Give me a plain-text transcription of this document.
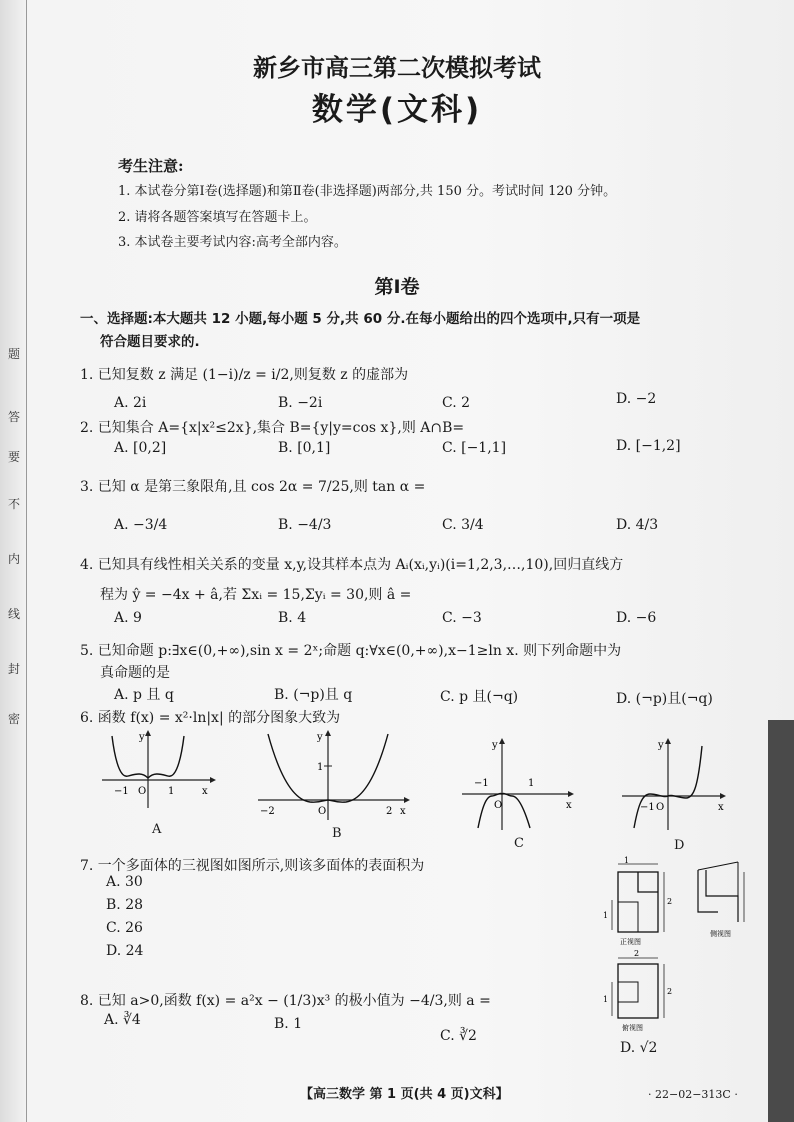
题
答
要
不
内
线
封
密
新乡市高三第二次模拟考试
数学(文科)
考生注意:
1. 本试卷分第Ⅰ卷(选择题)和第Ⅱ卷(非选择题)两部分,共 150 分。考试时间 120 分钟。
2. 请将各题答案填写在答题卡上。
3. 本试卷主要考试内容:高考全部内容。
第Ⅰ卷
一、选择题:本大题共 12 小题,每小题 5 分,共 60 分.在每小题给出的四个选项中,只有一项是
符合题目要求的.
1. 已知复数 z 满足 (1−i)/z = i/2,则复数 z 的虚部为
A. 2i	B. −2i	C. 2	D. −2
2. 已知集合 A={x|x²≤2x},集合 B={y|y=cos x},则 A∩B=
A. [0,2]	B. [0,1]	C. [−1,1]	D. [−1,2]
3. 已知 α 是第三象限角,且 cos 2α = 7/25,则 tan α =
A. −3/4	B. −4/3	C. 3/4	D. 4/3
4. 已知具有线性相关关系的变量 x,y,设其样本点为 Aᵢ(xᵢ,yᵢ)(i=1,2,3,…,10),回归直线方
程为 ŷ = −4x + â,若 Σxᵢ = 15,Σyᵢ = 30,则 â =
A. 9	B. 4	C. −3	D. −6
5. 已知命题 p:∃x∈(0,+∞),sin x = 2ˣ;命题 q:∀x∈(0,+∞),x−1≥ln x. 则下列命题中为
真命题的是
A. p 且 q	B. (¬p)且 q	C. p 且(¬q)	D. (¬p)且(¬q)
6. 函数 f(x) = x²·ln|x| 的部分图象大致为
y
x
−1 O 1
A
y
x
−2	O	2
1
B
y
x
−1
O
1
C
y
x
−1 O
D
7. 一个多面体的三视图如图所示,则该多面体的表面积为
A. 30
B. 28
C. 26
D. 24
1
1
2
正视图
侧视图
2
1
2
俯视图
8. 已知 a>0,函数 f(x) = a²x − (1/3)x³ 的极小值为 −4/3,则 a =
A. ∛4	B. 1
C. ∛2
D. √2
【高三数学 第 1 页(共 4 页)文科】	· 22−02−313C ·
